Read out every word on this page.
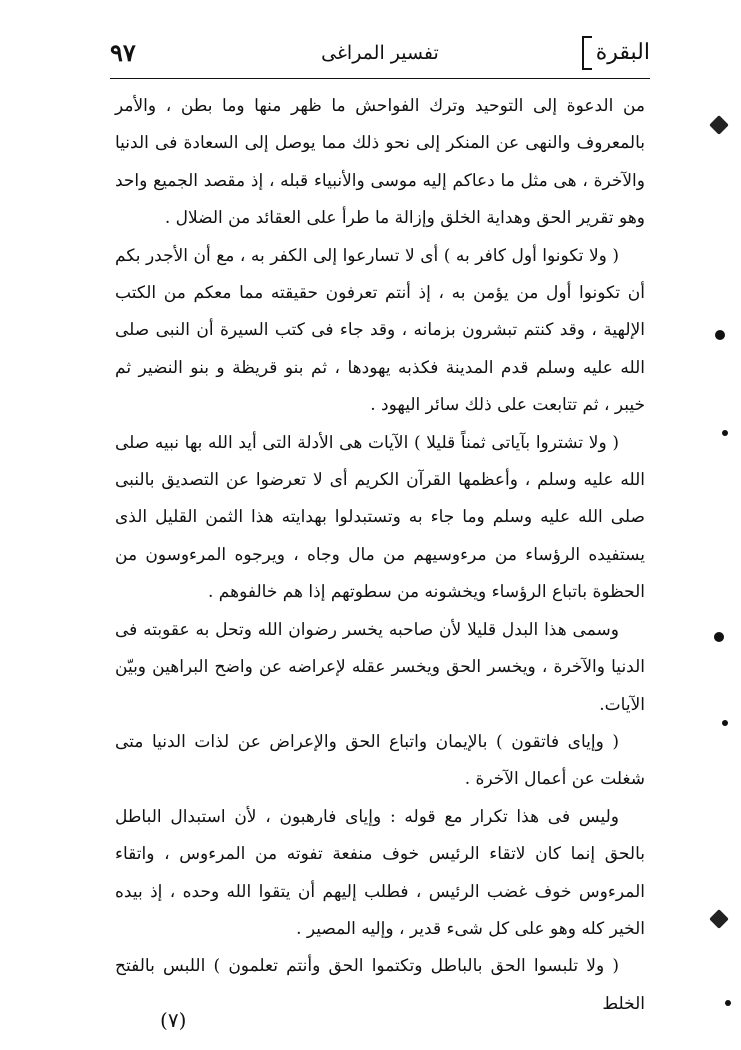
البقرة
تفسير المراغى
٩٧

من الدعوة إلى التوحيد وترك الفواحش ما ظهر منها وما بطن ، والأمر بالمعروف والنهى عن المنكر إلى نحو ذلك مما يوصل إلى السعادة فى الدنيا والآخرة ، هى مثل ما دعاكم إليه موسى والأنبياء قبله ، إذ مقصد الجميع واحد وهو تقرير الحق وهداية الخلق وإزالة ما طرأ على العقائد من الضلال .

( ولا تكونوا أول كافر به ) أى لا تسارعوا إلى الكفر به ، مع أن الأجدر بكم أن تكونوا أول من يؤمن به ، إذ أنتم تعرفون حقيقته مما معكم من الكتب الإلهية ، وقد كنتم تبشرون بزمانه ، وقد جاء فى كتب السيرة أن النبى صلى الله عليه وسلم قدم المدينة فكذبه يهودها ، ثم بنو قريظة و بنو النضير ثم خيبر ، ثم تتابعت على ذلك سائر اليهود .

( ولا تشتروا بآياتى ثمناً قليلا ) الآيات هى الأدلة التى أيد الله بها نبيه صلى الله عليه وسلم ، وأعظمها القرآن الكريم أى لا تعرضوا عن التصديق بالنبى صلى الله عليه وسلم وما جاء به وتستبدلوا بهدايته هذا الثمن القليل الذى يستفيده الرؤساء من مرءوسيهم من مال وجاه ، ويرجوه المرءوسون من الحظوة باتباع الرؤساء ويخشونه من سطوتهم إذا هم خالفوهم .

وسمى هذا البدل قليلا لأن صاحبه يخسر رضوان الله وتحل به عقوبته فى الدنيا والآخرة ، ويخسر الحق ويخسر عقله لإعراضه عن واضح البراهين وبيّن الآيات.

( وإياى فاتقون ) بالإيمان واتباع الحق والإعراض عن لذات الدنيا متى شغلت عن أعمال الآخرة .

وليس فى هذا تكرار مع قوله : وإياى فارهبون ، لأن استبدال الباطل بالحق إنما كان لاتقاء الرئيس خوف منفعة تفوته من المرءوس ، واتقاء المرءوس خوف غضب الرئيس ، فطلب إليهم أن يتقوا الله وحده ، إذ بيده الخير كله وهو على كل شىء قدير ، وإليه المصير .

( ولا تلبسوا الحق بالباطل وتكتموا الحق وأنتم تعلمون ) اللبس بالفتح الخلط

(٧)
